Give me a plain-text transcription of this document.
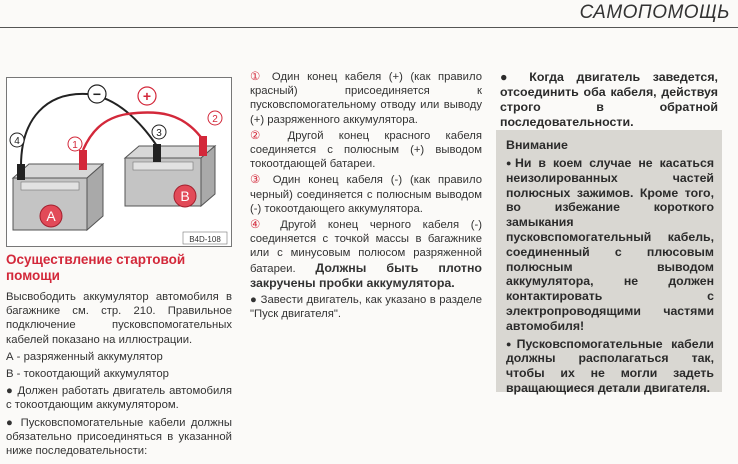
САМОПОМОЩЬ
A
B
−	+
1
2
3
4
B4D-108
Осуществление стартовой помощи

Высвободить аккумулятор автомобиля в багажнике см. стр. 210. Правильное подключение пусковспомогательных кабелей показано на иллюстрации.

А - разряженный аккумулятор

В - токоотдающий аккумулятор

● Должен работать двигатель автомобиля с токоотдающим аккумулятором.

● Пусковспомогательные кабели должны обязательно присоединяться в указанной ниже последовательности:

① Один конец кабеля (+) (как правило красный) присоединяется к пусковспомогательному отводу или выводу (+) разряженного аккумулятора.

② Другой конец красного кабеля соединяется с полюсным (+) выводом токоотдающей батареи.

③ Один конец кабеля (-) (как правило черный) соединяется с полюсным выводом (-) токоотдающего аккумулятора.

④ Другой конец черного кабеля (-) соединяется с точкой массы в багажнике или с минусовым полюсом разряженной батареи. Должны быть плотно закручены пробки аккумулятора.

● Завести двигатель, как указано в разделе "Пуск двигателя".

● Когда двигатель заведется, отсоединить оба кабеля, действуя строго в обратной последовательности.
Внимание

● Ни в коем случае не касаться неизолированных частей полюсных зажимов. Кроме того, во избежание короткого замыкания пусковспомогательный кабель, соединенный с плюсовым полюсным выводом аккумулятора, не должен контактировать с электропроводящими частями автомобиля!

● Пусковспомогательные кабели должны располагаться так, чтобы их не могли задеть вращающиеся детали двигателя.
